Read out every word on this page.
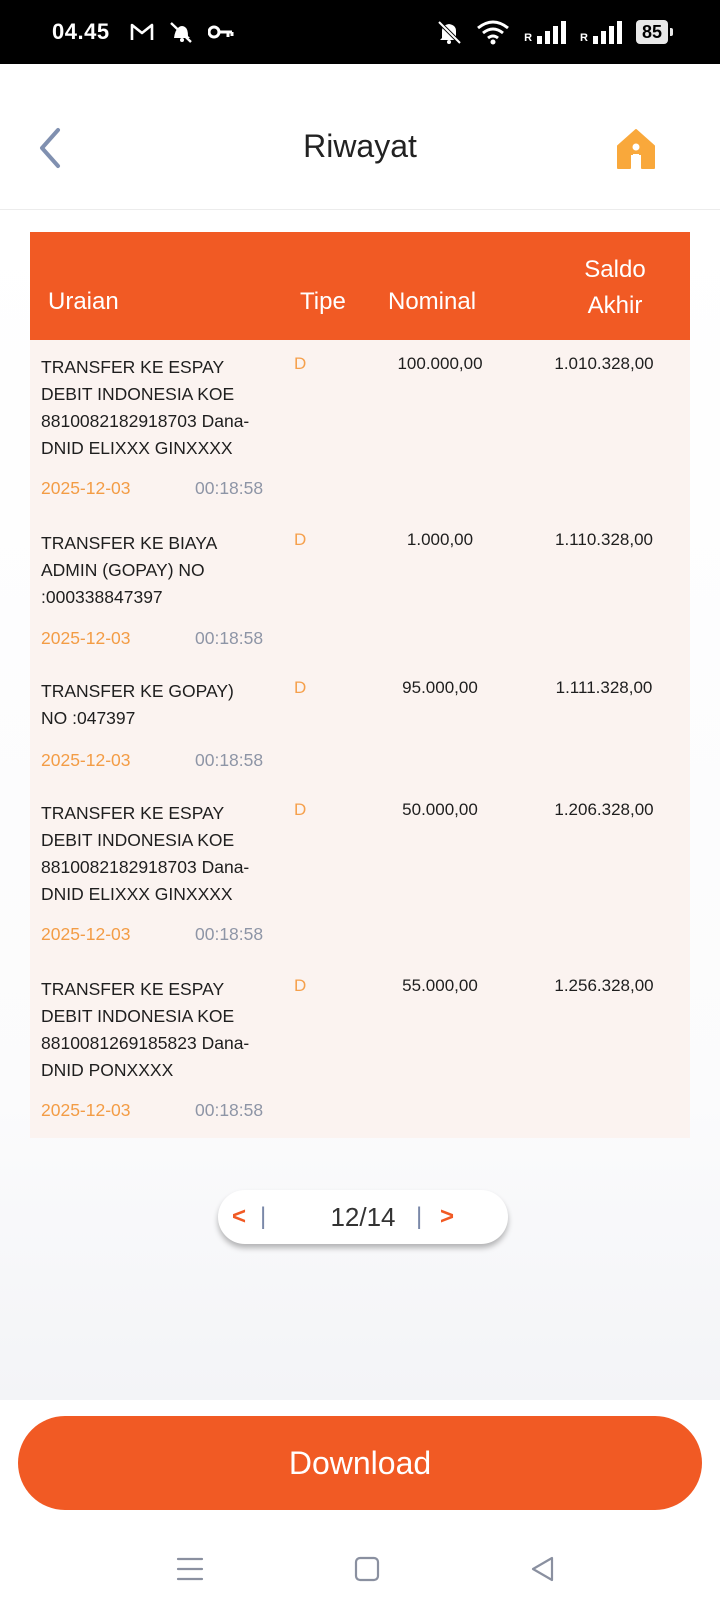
04.45	R	R	85
Riwayat
Uraian	Tipe Nominal
Saldo
Akhir
TRANSFER KE ESPAY
DEBIT INDONESIA KOE
8810082182918703 Dana-
DNID ELIXXX GINXXXX
D	100.000,00	1.010.328,00
2025-12-03	00:18:58
TRANSFER KE BIAYA
ADMIN (GOPAY) NO
:000338847397
D	1.000,00	1.110.328,00
2025-12-03	00:18:58
TRANSFER KE GOPAY)
NO :047397
D	95.000,00	1.111.328,00
2025-12-03	00:18:58
TRANSFER KE ESPAY
DEBIT INDONESIA KOE
8810082182918703 Dana-
DNID ELIXXX GINXXXX
D	50.000,00	1.206.328,00
2025-12-03	00:18:58
TRANSFER KE ESPAY
DEBIT INDONESIA KOE
8810081269185823 Dana-
DNID PONXXXX
D	55.000,00	1.256.328,00
2025-12-03	00:18:58
< |	12/14 | >
Download
